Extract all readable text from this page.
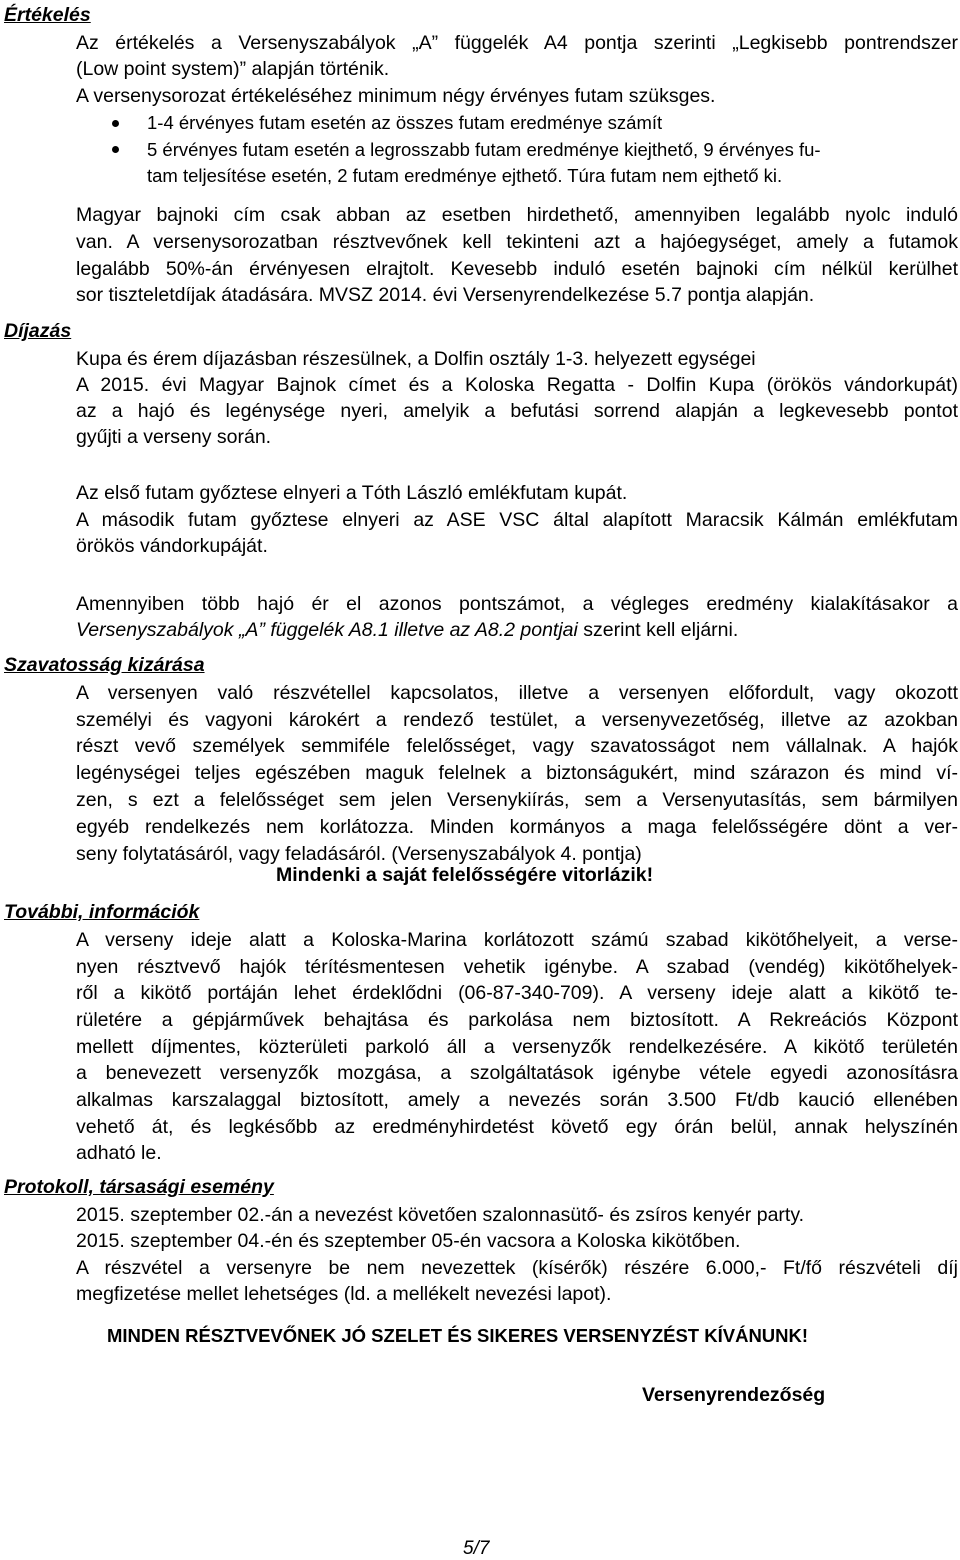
Értékelés
Az értékelés a Versenyszabályok „A” függelék A4 pontja szerinti „Legkisebb pontrendszer
(Low point system)” alapján történik.
A versenysorozat értékeléséhez minimum négy érvényes futam szüksges.
1-4 érvényes futam esetén az összes futam eredménye számít
5 érvényes futam esetén a legrosszabb futam eredménye kiejthető, 9 érvényes fu-
tam teljesítése esetén, 2 futam eredménye ejthető. Túra futam nem ejthető ki.
Magyar bajnoki cím csak abban az esetben hirdethető, amennyiben legalább nyolc induló
van. A versenysorozatban résztvevőnek kell tekinteni azt a hajóegységet, amely a futamok
legalább 50%-án érvényesen elrajtolt. Kevesebb induló esetén bajnoki cím nélkül kerülhet
sor tiszteletdíjak átadására. MVSZ 2014. évi Versenyrendelkezése 5.7 pontja alapján.
Díjazás
Kupa és érem díjazásban részesülnek, a Dolfin osztály 1-3. helyezett egységei
A 2015. évi Magyar Bajnok címet és a Koloska Regatta - Dolfin Kupa (örökös vándorkupát)
az a hajó és legénysége nyeri, amelyik a befutási sorrend alapján a legkevesebb pontot
gyűjti a verseny során.
Az első futam győztese elnyeri a Tóth László emlékfutam kupát.
A második futam győztese elnyeri az ASE VSC által alapított Maracsik Kálmán emlékfutam
örökös vándorkupáját.
Amennyiben több hajó ér el azonos pontszámot, a végleges eredmény kialakításakor a
Versenyszabályok „A” függelék A8.1 illetve az A8.2 pontjai szerint kell eljárni.
Szavatosság kizárása
A versenyen való részvétellel kapcsolatos, illetve a versenyen előfordult, vagy okozott
személyi és vagyoni károkért a rendező testület, a versenyvezetőség, illetve az azokban
részt vevő személyek semmiféle felelősséget, vagy szavatosságot nem vállalnak. A hajók
legénységei teljes egészében maguk felelnek a biztonságukért, mind szárazon és mind ví-
zen, s ezt a felelősséget sem jelen Versenykiírás, sem a Versenyutasítás, sem bármilyen
egyéb rendelkezés nem korlátozza. Minden kormányos a maga felelősségére dönt a ver-
seny folytatásáról, vagy feladásáról. (Versenyszabályok 4. pontja)
Mindenki a saját felelősségére vitorlázik!
További, információk
A verseny ideje alatt a Koloska-Marina korlátozott számú szabad kikötőhelyeit, a verse-
nyen résztvevő hajók térítésmentesen vehetik igénybe. A szabad (vendég) kikötőhelyek-
ről a kikötő portáján lehet érdeklődni (06-87-340-709). A verseny ideje alatt a kikötő te-
rületére a gépjárművek behajtása és parkolása nem biztosított. A Rekreációs Központ
mellett díjmentes, közterületi parkoló áll a versenyzők rendelkezésére. A kikötő területén
a benevezett versenyzők mozgása, a szolgáltatások igénybe vétele egyedi azonosításra
alkalmas karszalaggal biztosított, amely a nevezés során 3.500 Ft/db kaució ellenében
vehető át, és legkésőbb az eredményhirdetést követő egy órán belül, annak helyszínén
adható le.
Protokoll, társasági esemény
2015. szeptember 02.-án a nevezést követően szalonnasütő- és zsíros kenyér party.
2015. szeptember 04.-én és szeptember 05-én vacsora a Koloska kikötőben.
A részvétel a versenyre be nem nevezettek (kísérők) részére 6.000,- Ft/fő részvételi díj
megfizetése mellet lehetséges (ld. a mellékelt nevezési lapot).
MINDEN RÉSZTVEVŐNEK JÓ SZELET ÉS SIKERES VERSENYZÉST KÍVÁNUNK!
Versenyrendezőség
5/7
